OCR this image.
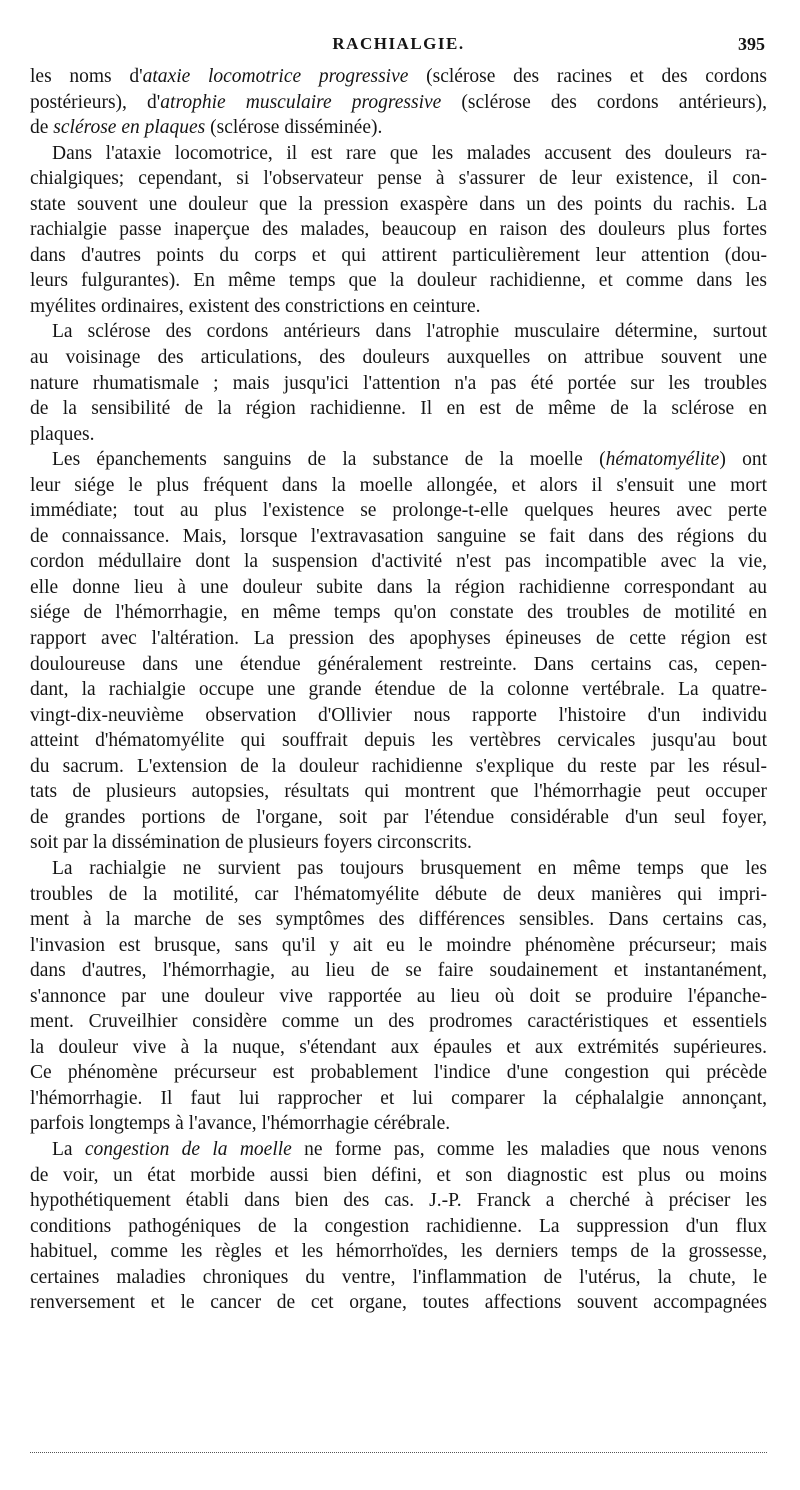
RACHIALGIE.	395
les noms d'ataxie locomotrice progressive (sclérose des racines et des cordons
postérieurs), d'atrophie musculaire progressive (sclérose des cordons antérieurs),
de sclérose en plaques (sclérose disséminée).
Dans l'ataxie locomotrice, il est rare que les malades accusent des douleurs ra-
chialgiques; cependant, si l'observateur pense à s'assurer de leur existence, il con-
state souvent une douleur que la pression exaspère dans un des points du rachis. La
rachialgie passe inaperçue des malades, beaucoup en raison des douleurs plus fortes
dans d'autres points du corps et qui attirent particulièrement leur attention (dou-
leurs fulgurantes). En même temps que la douleur rachidienne, et comme dans les
myélites ordinaires, existent des constrictions en ceinture.
La sclérose des cordons antérieurs dans l'atrophie musculaire détermine, surtout
au voisinage des articulations, des douleurs auxquelles on attribue souvent une
nature rhumatismale ; mais jusqu'ici l'attention n'a pas été portée sur les troubles
de la sensibilité de la région rachidienne. Il en est de même de la sclérose en
plaques.
Les épanchements sanguins de la substance de la moelle (hématomyélite) ont
leur siége le plus fréquent dans la moelle allongée, et alors il s'ensuit une mort
immédiate; tout au plus l'existence se prolonge-t-elle quelques heures avec perte
de connaissance. Mais, lorsque l'extravasation sanguine se fait dans des régions du
cordon médullaire dont la suspension d'activité n'est pas incompatible avec la vie,
elle donne lieu à une douleur subite dans la région rachidienne correspondant au
siége de l'hémorrhagie, en même temps qu'on constate des troubles de motilité en
rapport avec l'altération. La pression des apophyses épineuses de cette région est
douloureuse dans une étendue généralement restreinte. Dans certains cas, cepen-
dant, la rachialgie occupe une grande étendue de la colonne vertébrale. La quatre-
vingt-dix-neuvième observation d'Ollivier nous rapporte l'histoire d'un individu
atteint d'hématomyélite qui souffrait depuis les vertèbres cervicales jusqu'au bout
du sacrum. L'extension de la douleur rachidienne s'explique du reste par les résul-
tats de plusieurs autopsies, résultats qui montrent que l'hémorrhagie peut occuper
de grandes portions de l'organe, soit par l'étendue considérable d'un seul foyer,
soit par la dissémination de plusieurs foyers circonscrits.
La rachialgie ne survient pas toujours brusquement en même temps que les
troubles de la motilité, car l'hématomyélite débute de deux manières qui impri-
ment à la marche de ses symptômes des différences sensibles. Dans certains cas,
l'invasion est brusque, sans qu'il y ait eu le moindre phénomène précurseur; mais
dans d'autres, l'hémorrhagie, au lieu de se faire soudainement et instantanément,
s'annonce par une douleur vive rapportée au lieu où doit se produire l'épanche-
ment. Cruveilhier considère comme un des prodromes caractéristiques et essentiels
la douleur vive à la nuque, s'étendant aux épaules et aux extrémités supérieures.
Ce phénomène précurseur est probablement l'indice d'une congestion qui précède
l'hémorrhagie. Il faut lui rapprocher et lui comparer la céphalalgie annonçant,
parfois longtemps à l'avance, l'hémorrhagie cérébrale.
La congestion de la moelle ne forme pas, comme les maladies que nous venons
de voir, un état morbide aussi bien défini, et son diagnostic est plus ou moins
hypothétiquement établi dans bien des cas. J.-P. Franck a cherché à préciser les
conditions pathogéniques de la congestion rachidienne. La suppression d'un flux
habituel, comme les règles et les hémorrhoïdes, les derniers temps de la grossesse,
certaines maladies chroniques du ventre, l'inflammation de l'utérus, la chute, le
renversement et le cancer de cet organe, toutes affections souvent accompagnées
